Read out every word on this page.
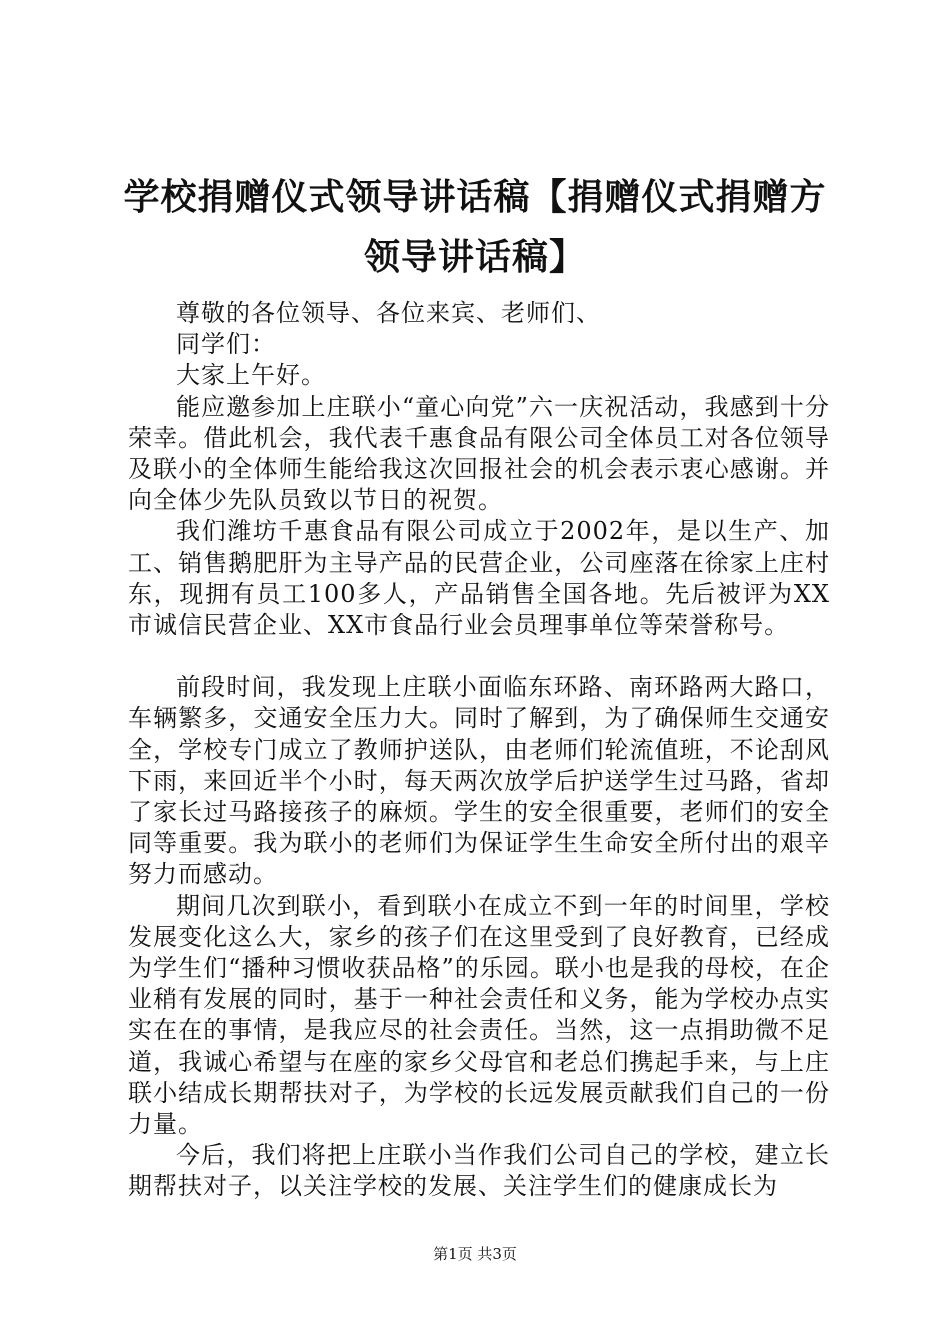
学校捐赠仪式领导讲话稿【捐赠仪式捐赠方领导讲话稿】

尊敬的各位领导、各位来宾、老师们、

同学们：

大家上午好。

能应邀参加上庄联小“童心向党”六一庆祝活动，我感到十分荣幸。借此机会，我代表千惠食品有限公司全体员工对各位领导及联小的全体师生能给我这次回报社会的机会表示衷心感谢。并向全体少先队员致以节日的祝贺。

我们潍坊千惠食品有限公司成立于2002年，是以生产、加工、销售鹅肥肝为主导产品的民营企业，公司座落在徐家上庄村东，现拥有员工100多人，产品销售全国各地。先后被评为XX市诚信民营企业、XX市食品行业会员理事单位等荣誉称号。

前段时间，我发现上庄联小面临东环路、南环路两大路口，车辆繁多，交通安全压力大。同时了解到，为了确保师生交通安全，学校专门成立了教师护送队，由老师们轮流值班，不论刮风下雨，来回近半个小时，每天两次放学后护送学生过马路，省却了家长过马路接孩子的麻烦。学生的安全很重要，老师们的安全同等重要。我为联小的老师们为保证学生生命安全所付出的艰辛努力而感动。

期间几次到联小，看到联小在成立不到一年的时间里，学校发展变化这么大，家乡的孩子们在这里受到了良好教育，已经成为学生们“播种习惯收获品格”的乐园。联小也是我的母校，在企业稍有发展的同时，基于一种社会责任和义务，能为学校办点实实在在的事情，是我应尽的社会责任。当然，这一点捐助微不足道，我诚心希望与在座的家乡父母官和老总们携起手来，与上庄联小结成长期帮扶对子，为学校的长远发展贡献我们自己的一份力量。

今后，我们将把上庄联小当作我们公司自己的学校，建立长期帮扶对子，以关注学校的发展、关注学生们的健康成长为

第1页 共3页
